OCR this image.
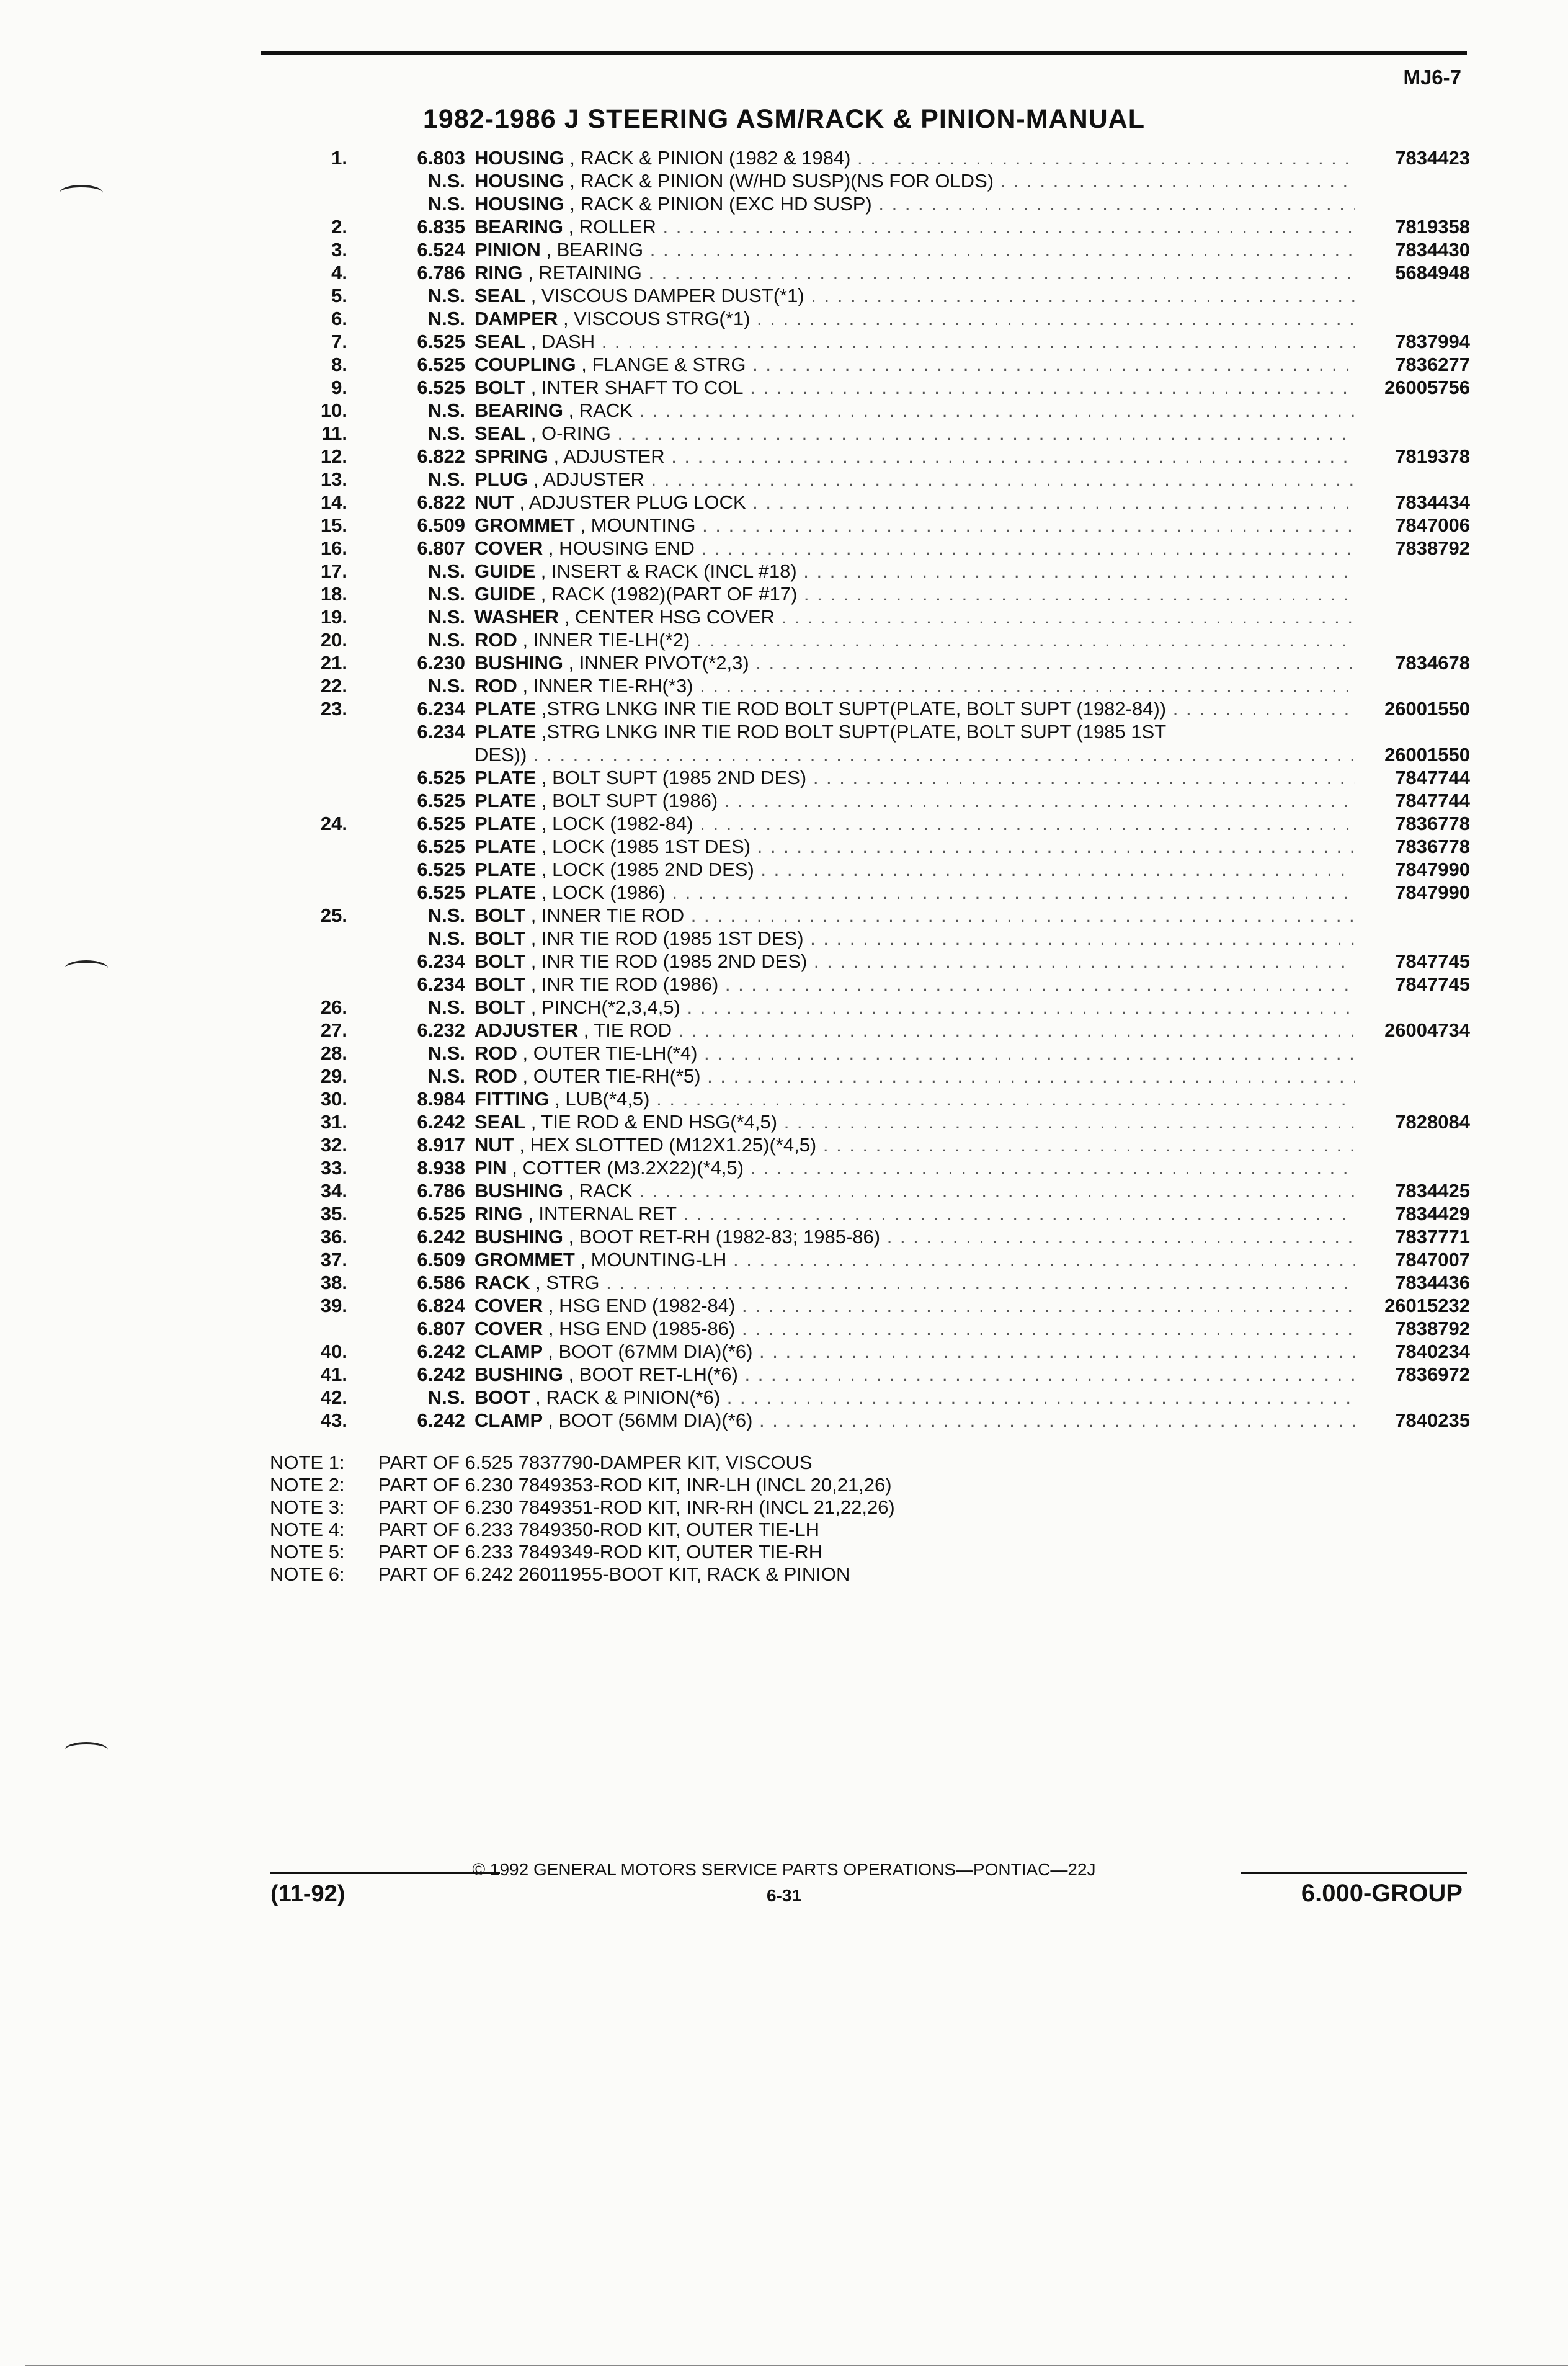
MJ6-7
1982-1986 J STEERING ASM/RACK & PINION-MANUAL
1.	6.803 HOUSING , RACK & PINION (1982 & 1984) . . .	7834423
N.S. HOUSING , RACK & PINION (W/HD SUSP)(NS FOR OLDS) . . .
N.S. HOUSING , RACK & PINION (EXC HD SUSP) . . .
2.	6.835 BEARING , ROLLER . . .	7819358
3.	6.524 PINION , BEARING . . .	7834430
4.	6.786 RING , RETAINING . . .	5684948
5.	N.S. SEAL , VISCOUS DAMPER DUST(*1) . . .
6.	N.S. DAMPER , VISCOUS STRG(*1) . . .
7.	6.525 SEAL , DASH . . .	7837994
8.	6.525 COUPLING , FLANGE & STRG . . .	7836277
9.	6.525 BOLT , INTER SHAFT TO COL . . .	26005756
10.	N.S. BEARING , RACK . . .
11.	N.S. SEAL , O-RING . . .
12.	6.822 SPRING , ADJUSTER . . .	7819378
13.	N.S. PLUG , ADJUSTER . . .
14.	6.822 NUT , ADJUSTER PLUG LOCK . . .	7834434
15.	6.509 GROMMET , MOUNTING . . .	7847006
16.	6.807 COVER , HOUSING END . . .	7838792
17.	N.S. GUIDE , INSERT & RACK (INCL #18) . . .
18.	N.S. GUIDE , RACK (1982)(PART OF #17) . . .
19.	N.S. WASHER , CENTER HSG COVER . . .
20.	N.S. ROD , INNER TIE-LH(*2) . . .
21.	6.230 BUSHING , INNER PIVOT(*2,3) . . .	7834678
22.	N.S. ROD , INNER TIE-RH(*3) . . .
23.	6.234 PLATE ,STRG LNKG INR TIE ROD BOLT SUPT(PLATE, BOLT SUPT (1982-84)) . . .	26001550
6.234 PLATE ,STRG LNKG INR TIE ROD BOLT SUPT(PLATE, BOLT SUPT (1985 1ST
DES)) . . .	26001550
6.525 PLATE , BOLT SUPT (1985 2ND DES) . . .	7847744
6.525 PLATE , BOLT SUPT (1986) . . .	7847744
24.	6.525 PLATE , LOCK (1982-84) . . .	7836778
6.525 PLATE , LOCK (1985 1ST DES) . . .	7836778
6.525 PLATE , LOCK (1985 2ND DES) . . .	7847990
6.525 PLATE , LOCK (1986) . . .	7847990
25.	N.S. BOLT , INNER TIE ROD . . .
N.S. BOLT , INR TIE ROD (1985 1ST DES) . . .
6.234 BOLT , INR TIE ROD (1985 2ND DES) . . .	7847745
6.234 BOLT , INR TIE ROD (1986) . . .	7847745
26.	N.S. BOLT , PINCH(*2,3,4,5) . . .
27.	6.232 ADJUSTER , TIE ROD . . .	26004734
28.	N.S. ROD , OUTER TIE-LH(*4) . . .
29.	N.S. ROD , OUTER TIE-RH(*5) . . .
30.	8.984 FITTING , LUB(*4,5) . . .
31.	6.242 SEAL , TIE ROD & END HSG(*4,5) . . .	7828084
32.	8.917 NUT , HEX SLOTTED (M12X1.25)(*4,5) . . .
33.	8.938 PIN , COTTER (M3.2X22)(*4,5) . . .
34.	6.786 BUSHING , RACK . . .	7834425
35.	6.525 RING , INTERNAL RET . . .	7834429
36.	6.242 BUSHING , BOOT RET-RH (1982-83; 1985-86) . . .	7837771
37.	6.509 GROMMET , MOUNTING-LH . . .	7847007
38.	6.586 RACK , STRG . . .	7834436
39.	6.824 COVER , HSG END (1982-84) . . .	26015232
6.807 COVER , HSG END (1985-86) . . .	7838792
40.	6.242 CLAMP , BOOT (67MM DIA)(*6) . . .	7840234
41.	6.242 BUSHING , BOOT RET-LH(*6) . . .	7836972
42.	N.S. BOOT , RACK & PINION(*6) . . .
43.	6.242 CLAMP , BOOT (56MM DIA)(*6) . . .	7840235
NOTE 1: PART OF 6.525 7837790-DAMPER KIT, VISCOUS
NOTE 2: PART OF 6.230 7849353-ROD KIT, INR-LH (INCL 20,21,26)
NOTE 3: PART OF 6.230 7849351-ROD KIT, INR-RH (INCL 21,22,26)
NOTE 4: PART OF 6.233 7849350-ROD KIT, OUTER TIE-LH
NOTE 5: PART OF 6.233 7849349-ROD KIT, OUTER TIE-RH
NOTE 6: PART OF 6.242 26011955-BOOT KIT, RACK & PINION
© 1992 GENERAL MOTORS SERVICE PARTS OPERATIONS—PONTIAC—22J
(11-92)	6-31	6.000-GROUP
